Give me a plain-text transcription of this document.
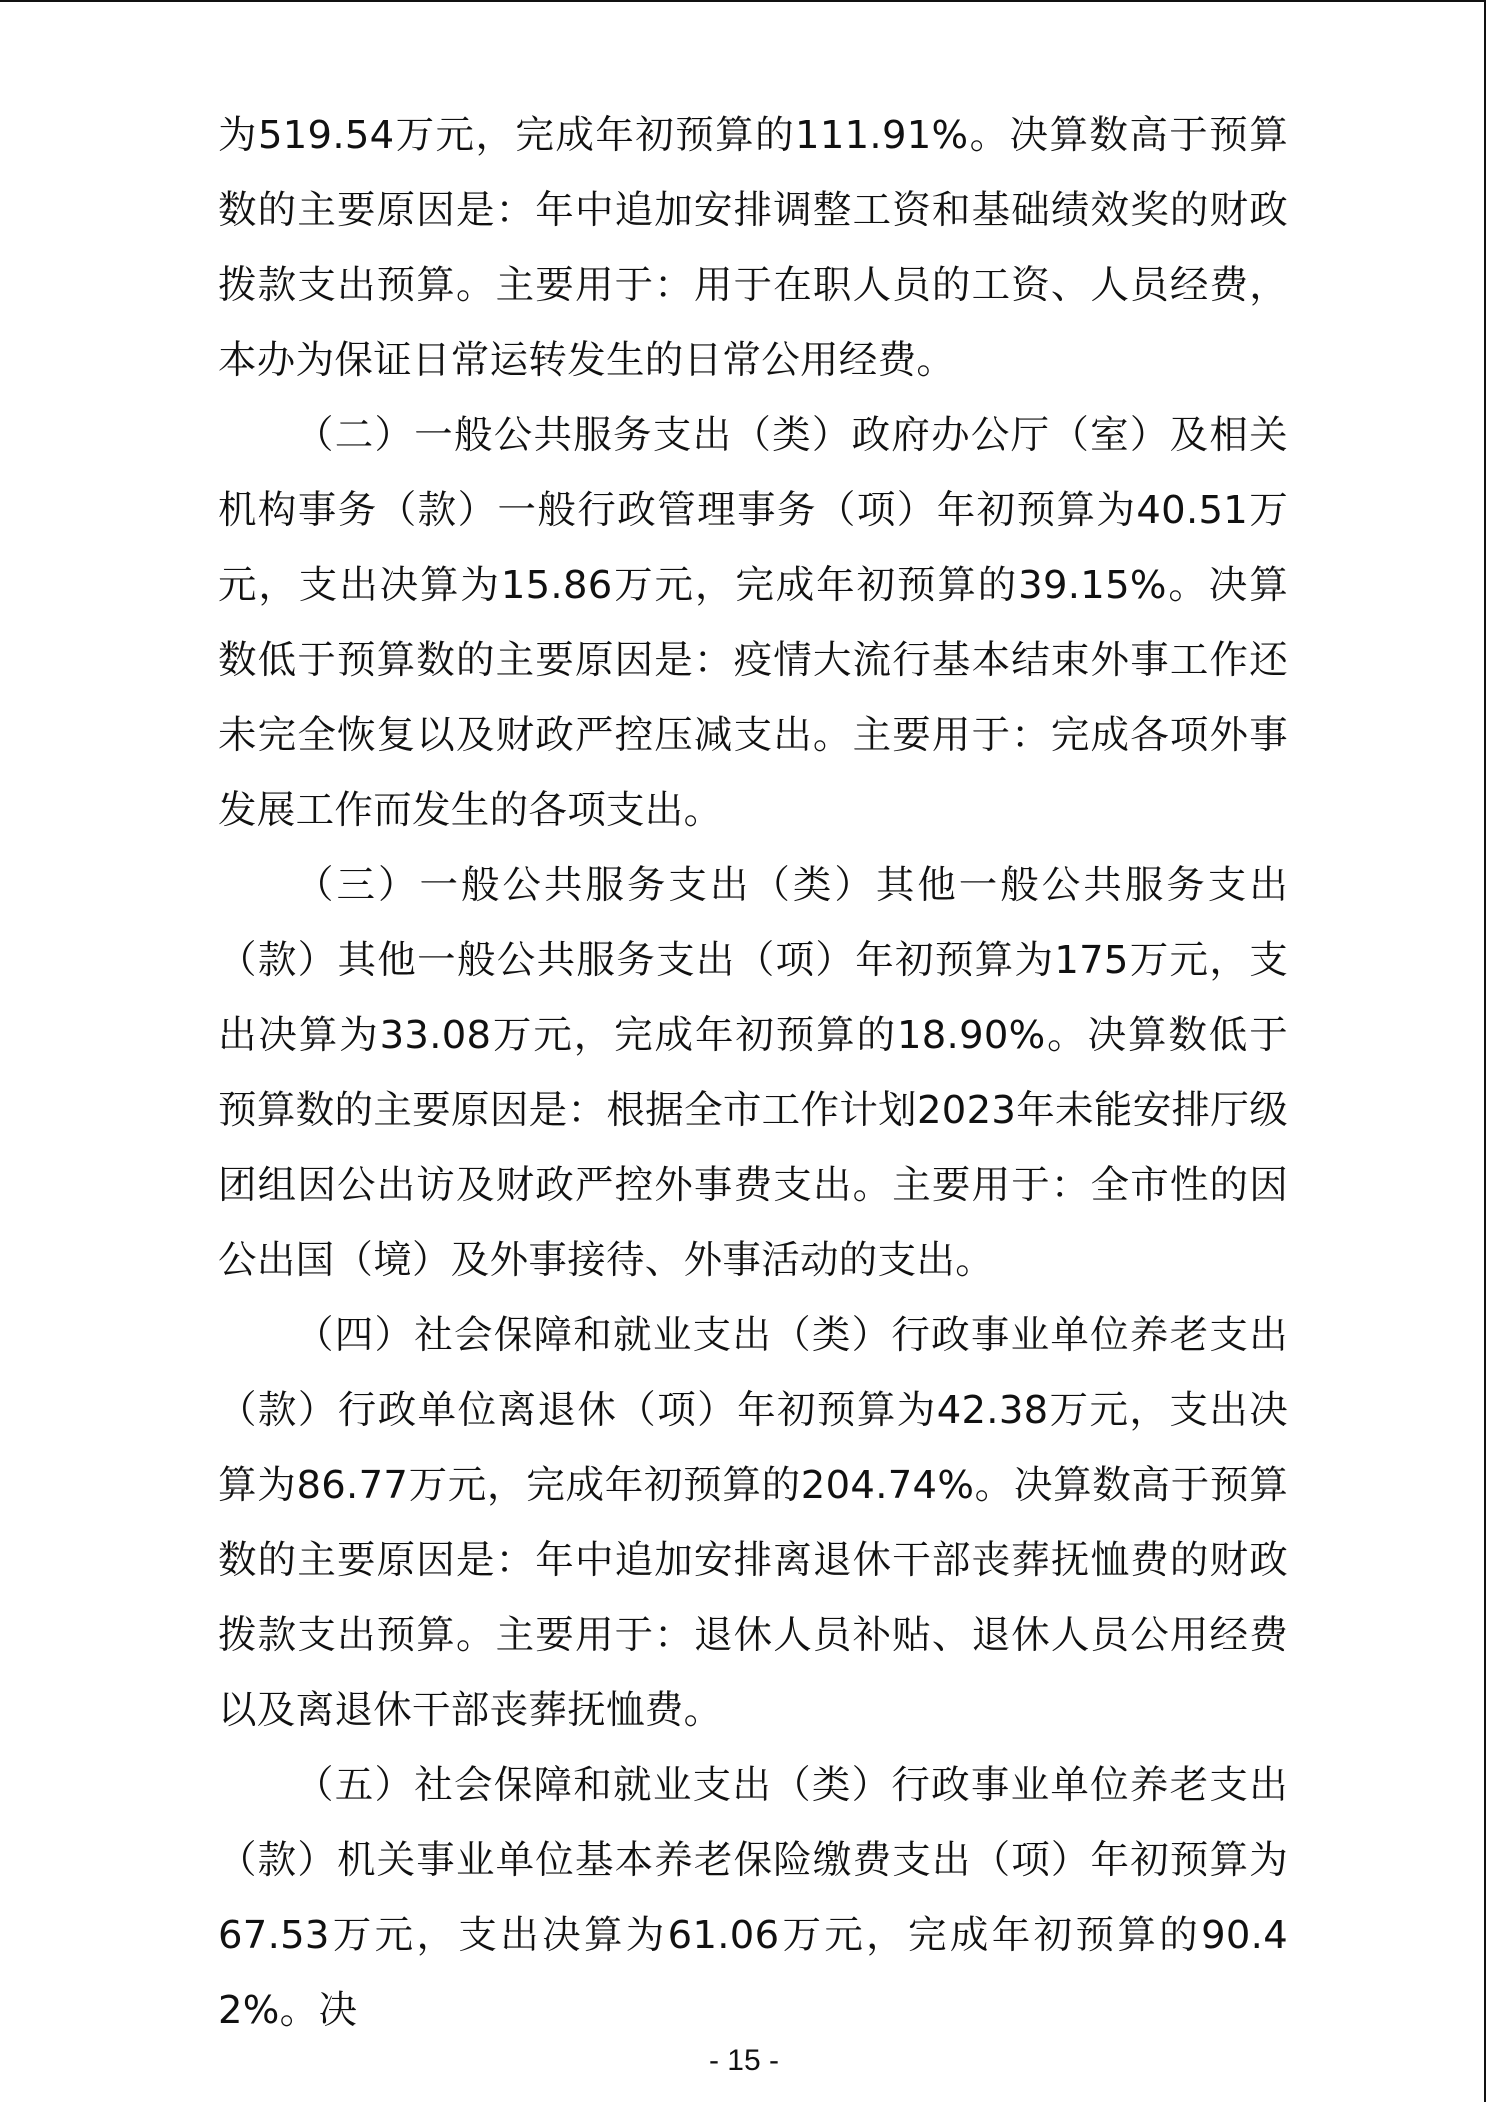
为519.54万元，完成年初预算的111.91%。决算数高于预算数的主要原因是：年中追加安排调整工资和基础绩效奖的财政拨款支出预算。主要用于：用于在职人员的工资、人员经费，本办为保证日常运转发生的日常公用经费。

（二）一般公共服务支出（类）政府办公厅（室）及相关机构事务（款）一般行政管理事务（项）年初预算为40.51万元，支出决算为15.86万元，完成年初预算的39.15%。决算数低于预算数的主要原因是：疫情大流行基本结束外事工作还未完全恢复以及财政严控压减支出。主要用于：完成各项外事发展工作而发生的各项支出。

（三）一般公共服务支出（类）其他一般公共服务支出（款）其他一般公共服务支出（项）年初预算为175万元，支出决算为33.08万元，完成年初预算的18.90%。决算数低于预算数的主要原因是：根据全市工作计划2023年未能安排厅级团组因公出访及财政严控外事费支出。主要用于：全市性的因公出国（境）及外事接待、外事活动的支出。

（四）社会保障和就业支出（类）行政事业单位养老支出（款）行政单位离退休（项）年初预算为42.38万元，支出决算为86.77万元，完成年初预算的204.74%。决算数高于预算数的主要原因是：年中追加安排离退休干部丧葬抚恤费的财政拨款支出预算。主要用于：退休人员补贴、退休人员公用经费以及离退休干部丧葬抚恤费。

（五）社会保障和就业支出（类）行政事业单位养老支出（款）机关事业单位基本养老保险缴费支出（项）年初预算为67.53万元，支出决算为61.06万元，完成年初预算的90.42%。决

- 15 -
